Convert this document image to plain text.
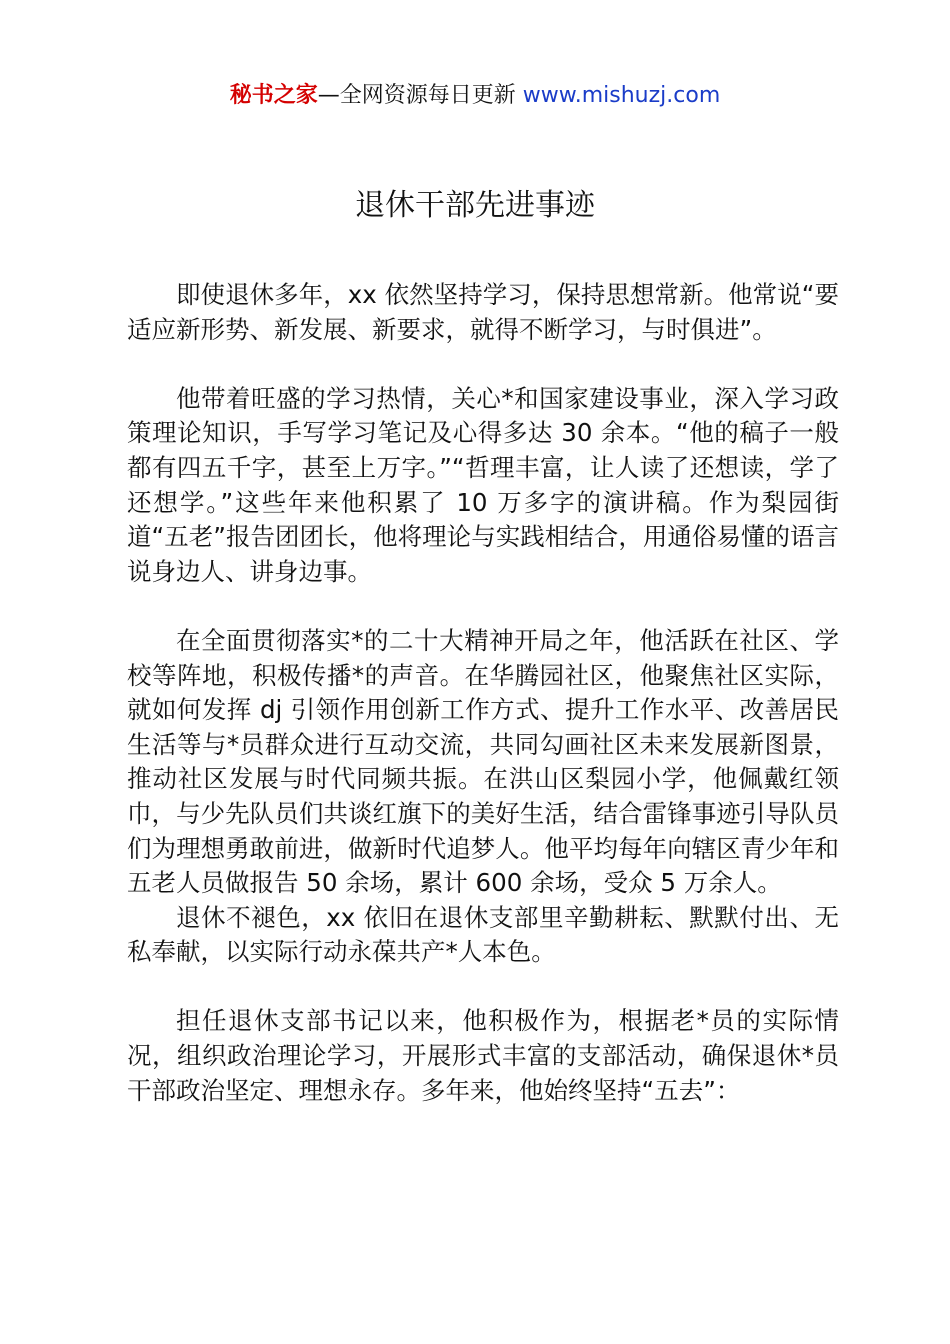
秘书之家—全网资源每日更新 www.mishuzj.com
退休干部先进事迹

即使退休多年，xx 依然坚持学习，保持思想常新。他常说“要适应新形势、新发展、新要求，就得不断学习，与时俱进”。

他带着旺盛的学习热情，关心*和国家建设事业，深入学习政策理论知识，手写学习笔记及心得多达 30 余本。“他的稿子一般都有四五千字，甚至上万字。”“哲理丰富，让人读了还想读，学了还想学。”这些年来他积累了 10 万多字的演讲稿。作为梨园街道“五老”报告团团长，他将理论与实践相结合，用通俗易懂的语言说身边人、讲身边事。

在全面贯彻落实*的二十大精神开局之年，他活跃在社区、学校等阵地，积极传播*的声音。在华腾园社区，他聚焦社区实际，就如何发挥 dj 引领作用创新工作方式、提升工作水平、改善居民生活等与*员群众进行互动交流，共同勾画社区未来发展新图景，推动社区发展与时代同频共振。在洪山区梨园小学，他佩戴红领巾，与少先队员们共谈红旗下的美好生活，结合雷锋事迹引导队员们为理想勇敢前进，做新时代追梦人。他平均每年向辖区青少年和五老人员做报告 50 余场，累计 600 余场，受众 5 万余人。

退休不褪色，xx 依旧在退休支部里辛勤耕耘、默默付出、无私奉献，以实际行动永葆共产*人本色。

担任退休支部书记以来，他积极作为，根据老*员的实际情况，组织政治理论学习，开展形式丰富的支部活动，确保退休*员干部政治坚定、理想永存。多年来，他始终坚持“五去”：
